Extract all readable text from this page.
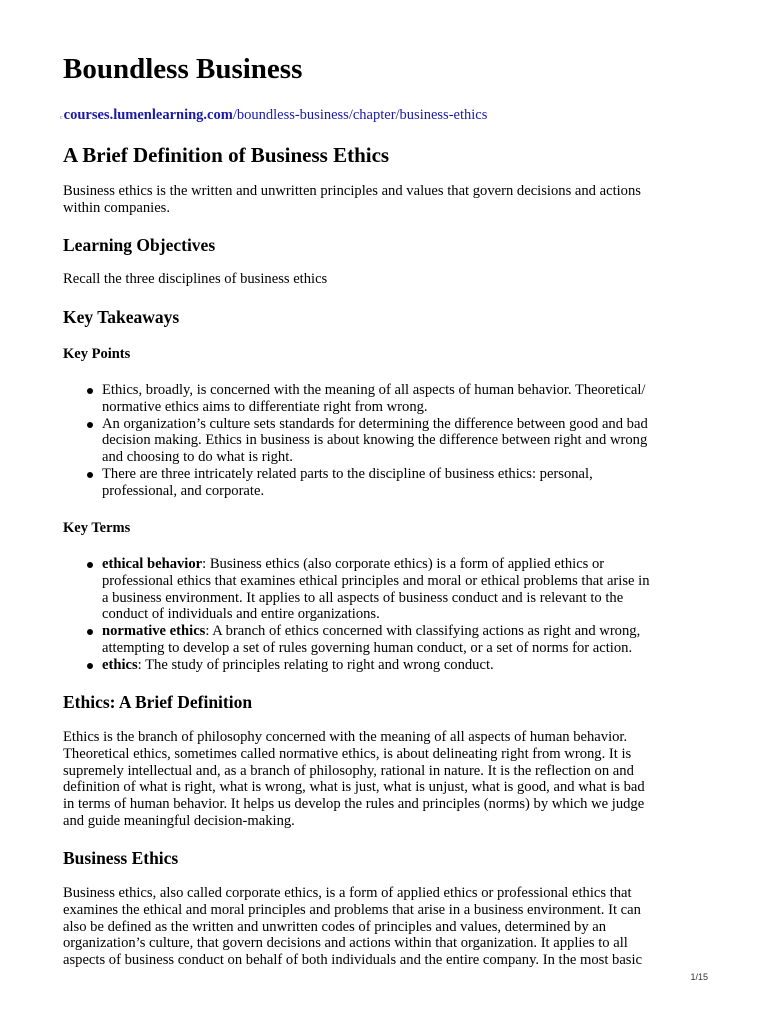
Boundless Business
ccourses.lumenlearning.com/boundless-business/chapter/business-ethics
A Brief Definition of Business Ethics

Business ethics is the written and unwritten principles and values that govern decisions and actions
within companies.

Learning Objectives

Recall the three disciplines of business ethics

Key Takeaways
Key Points
Ethics, broadly, is concerned with the meaning of all aspects of human behavior. Theoretical/
normative ethics aims to differentiate right from wrong.
An organization’s culture sets standards for determining the difference between good and bad
decision making. Ethics in business is about knowing the difference between right and wrong
and choosing to do what is right.
There are three intricately related parts to the discipline of business ethics: personal,
professional, and corporate.
Key Terms
ethical behavior: Business ethics (also corporate ethics) is a form of applied ethics or
professional ethics that examines ethical principles and moral or ethical problems that arise in
a business environment. It applies to all aspects of business conduct and is relevant to the
conduct of individuals and entire organizations.
normative ethics: A branch of ethics concerned with classifying actions as right and wrong,
attempting to develop a set of rules governing human conduct, or a set of norms for action.
ethics: The study of principles relating to right and wrong conduct.
Ethics: A Brief Definition

Ethics is the branch of philosophy concerned with the meaning of all aspects of human behavior.
Theoretical ethics, sometimes called normative ethics, is about delineating right from wrong. It is
supremely intellectual and, as a branch of philosophy, rational in nature. It is the reflection on and
definition of what is right, what is wrong, what is just, what is unjust, what is good, and what is bad
in terms of human behavior. It helps us develop the rules and principles (norms) by which we judge
and guide meaningful decision-making.

Business Ethics

Business ethics, also called corporate ethics, is a form of applied ethics or professional ethics that
examines the ethical and moral principles and problems that arise in a business environment. It can
also be defined as the written and unwritten codes of principles and values, determined by an
organization’s culture, that govern decisions and actions within that organization. It applies to all
aspects of business conduct on behalf of both individuals and the entire company. In the most basic

1/15
